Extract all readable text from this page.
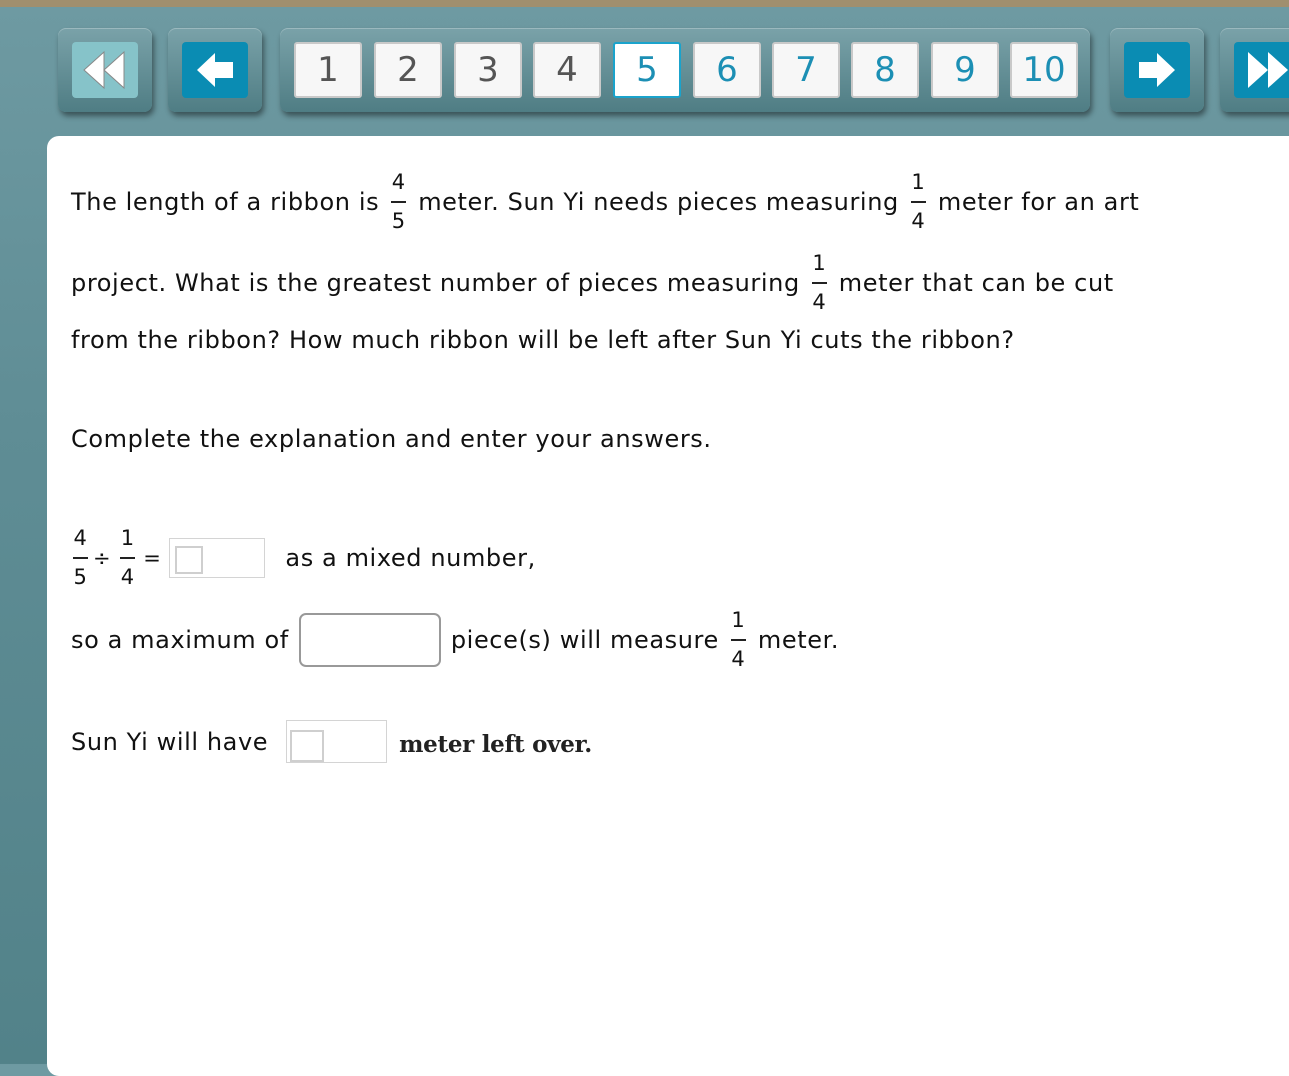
1	2	3	4	5	6	7	8	9	10
The length of a ribbon is $\frac{4}{5}$ meter. Sun Yi needs pieces measuring $\frac{1}{4}$ meter for an art
project. What is the greatest number of pieces measuring $\frac{1}{4}$ meter that can be cut
from the ribbon? How much ribbon will be left after Sun Yi cuts the ribbon?
Complete the explanation and enter your answers.
$\frac{4}{5} \div \frac{1}{4}$ =	as a mixed number,
so a maximum of	piece(s) will measure $\frac{1}{4}$ meter.
Sun Yi will have	meter left over.
